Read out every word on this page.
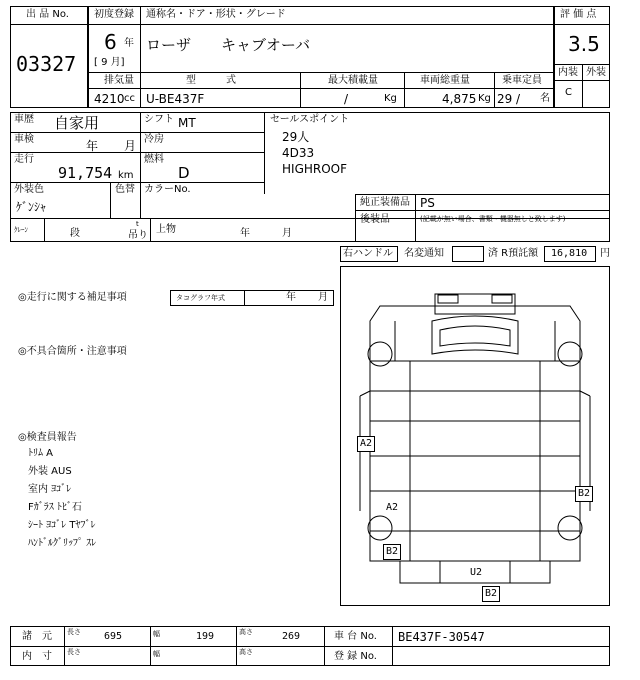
出 品 No.
03327
初度登録
6 年
[ 9 月]
通称名・ドア・形状・グレード
ローザ　　キャブオーバ
排気量	型　　　式	最大積載量	車両総重量	乗車定員
4210 cc U-BE437F	/	Kg	4,875 Kg 29 / 名
評 価 点
3.5
内装 外装
C
車歴 自家用	シフト MT
車検	年 月 冷房
走行
91,754 km
燃料
D
外装色
ｹﾞﾝｼｬ
色替 カラーNo.
セールスポイント
29人
4D33
HIGHROOF
純正装備品 PS
後装品	(記載が無い場合、書類・機器無しと致します)
ｸﾚｰﾝ	段
t
吊り
上物	年	月
右ハンドル 名変通知	済 R預託額 16,810 円
◎走行に関する補足事項	タコグラフ年式	年 月
◎不具合箇所・注意事項
◎検査員報告
ﾄﾘﾑ A
外装 AUS
室内 ﾖｺﾞﾚ
Fｶﾞﾗｽ ﾄﾋﾞ石
ｼｰﾄ ﾖｺﾞﾚ Tﾔﾌﾞﾚ
ﾊﾝﾄﾞﾙｸﾞﾘｯﾌﾟ ｽﾚ
A2
A2
B2
B2
U2
B2
諸　元 長さ 695	幅	199	高さ	269	車 台 No. BE437F-30547
内　寸 長さ	幅	高さ	登 録 No.
